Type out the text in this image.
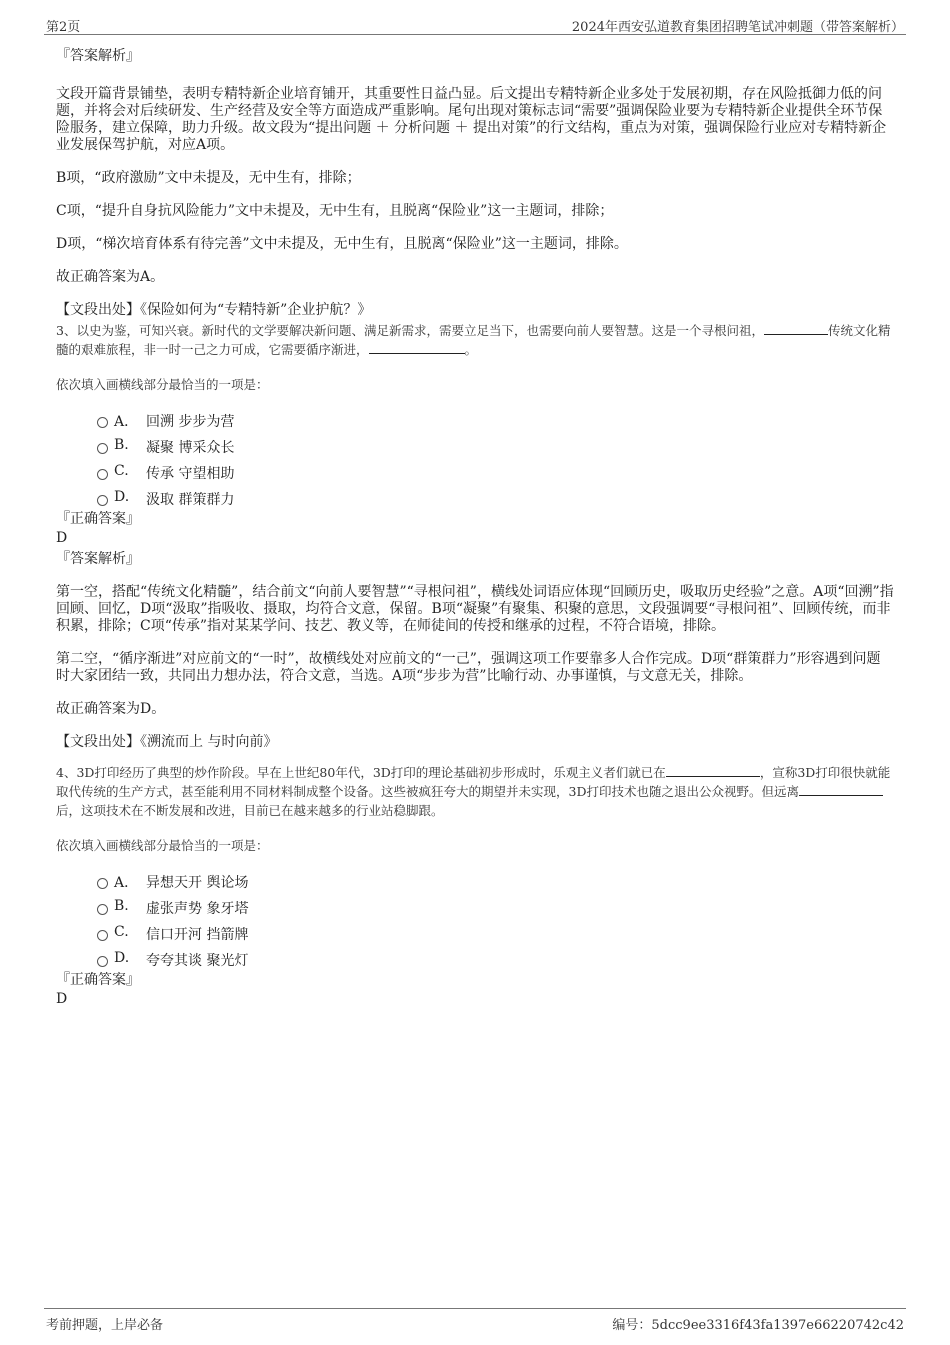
第2页	2024年西安弘道教育集团招聘笔试冲刺题（带答案解析）

『答案解析』

文段开篇背景铺垫，表明专精特新企业培育铺开，其重要性日益凸显。后文提出专精特新企业多处于发展初期，存在风险抵御力低的问题，并将会对后续研发、生产经营及安全等方面造成严重影响。尾句出现对策标志词“需要”强调保险业要为专精特新企业提供全环节保险服务，建立保障，助力升级。故文段为“提出问题 ＋ 分析问题 ＋ 提出对策”的行文结构，重点为对策，强调保险行业应对专精特新企业发展保驾护航，对应A项。

B项，“政府激励”文中未提及，无中生有，排除；

C项，“提升自身抗风险能力”文中未提及，无中生有，且脱离“保险业”这一主题词，排除；

D项，“梯次培育体系有待完善”文中未提及，无中生有，且脱离“保险业”这一主题词，排除。

故正确答案为A。

【文段出处】《保险如何为“专精特新”企业护航？》

3、以史为鉴，可知兴衰。新时代的文学要解决新问题、满足新需求，需要立足当下，也需要向前人要智慧。这是一个寻根问祖，	传统文化精髓的艰难旅程，非一时一己之力可成，它需要循序渐进，	。

依次填入画横线部分最恰当的一项是：

A． 回溯 步步为营
B. 凝聚 博采众长
C. 传承 守望相助
D. 汲取 群策群力

『正确答案』

D

『答案解析』

第一空，搭配“传统文化精髓”，结合前文“向前人要智慧”“寻根问祖”，横线处词语应体现“回顾历史，吸取历史经验”之意。A项“回溯”指回顾、回忆，D项“汲取”指吸收、摄取，均符合文意，保留。B项“凝聚”有聚集、积聚的意思，文段强调要“寻根问祖”、回顾传统，而非积累，排除；C项“传承”指对某某学问、技艺、教义等，在师徒间的传授和继承的过程，不符合语境，排除。

第二空，“循序渐进”对应前文的“一时”，故横线处对应前文的“一己”，强调这项工作要靠多人合作完成。D项“群策群力”形容遇到问题时大家团结一致，共同出力想办法，符合文意，当选。A项“步步为营”比喻行动、办事谨慎，与文意无关，排除。

故正确答案为D。

【文段出处】《溯流而上 与时向前》

4、3D打印经历了典型的炒作阶段。早在上世纪80年代，3D打印的理论基础初步形成时，乐观主义者们就已在	，宣称3D打印很快就能取代传统的生产方式，甚至能利用不同材料制成整个设备。这些被疯狂夸大的期望并未实现，3D打印技术也随之退出公众视野。但远离后，这项技术在不断发展和改进，目前已在越来越多的行业站稳脚跟。

依次填入画横线部分最恰当的一项是：

A． 异想天开 舆论场
B. 虚张声势 象牙塔
C. 信口开河 挡箭牌
D. 夸夸其谈 聚光灯

『正确答案』

D

考前押题，上岸必备	编号：5dcc9ee3316f43fa1397e66220742c42
